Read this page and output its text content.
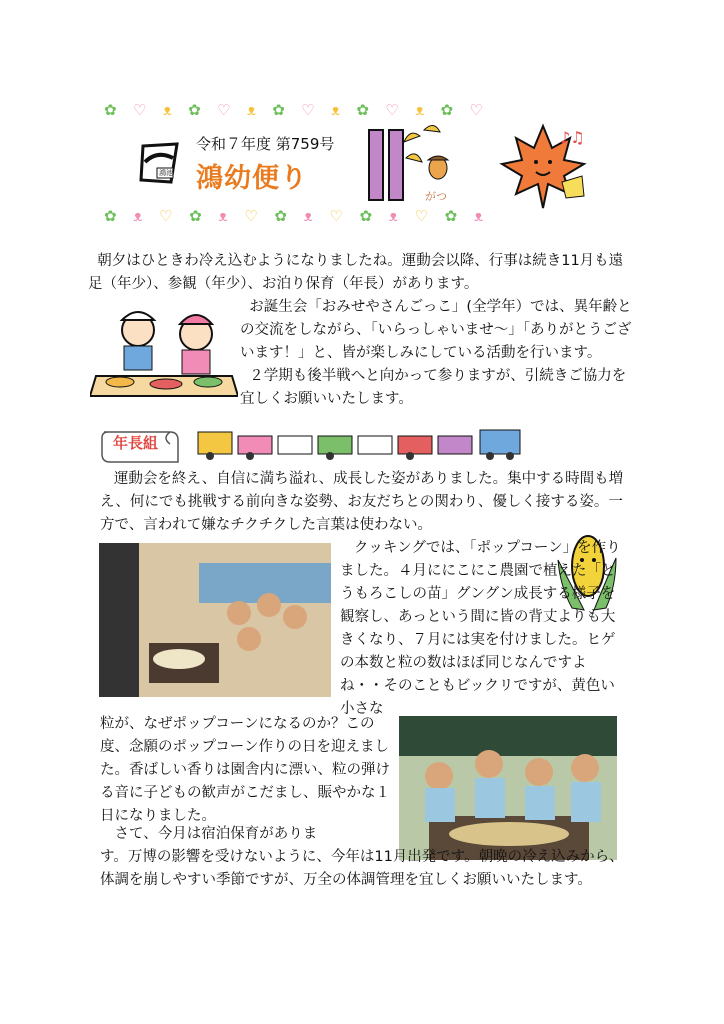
✿ ♡ ᴥ ✿ ♡ ᴥ ✿ ♡ ᴥ ✿ ♡ ᴥ ✿ ♡
✿ ᴥ ♡ ✿ ᴥ ♡ ✿ ᴥ ♡ ✿ ᴥ ♡ ✿ ᴥ
鴻池
令和７年度 第759号
鴻幼便り
がつ
♪♫
朝夕はひときわ冷え込むようになりましたね。運動会以降、行事は続き11月も遠足（年少）、参観（年少）、お泊り保育（年長）があります。
お誕生会「おみせやさんごっこ」(全学年）では、異年齢との交流をしながら、「いらっしゃいませ～」「ありがとうございます！」と、皆が楽しみにしている活動を行います。
２学期も後半戦へと向かって参りますが、引続きご協力を宜しくお願いいたします。
年長組
運動会を終え、自信に満ち溢れ、成長した姿がありました。集中する時間も増え、何にでも挑戦する前向きな姿勢、お友だちとの関わり、優しく接する姿。一方で、言われて嫌なチクチクした言葉は使わない。
クッキングでは、「ポップコーン」を作りました。４月ににこにこ農園で植えた「とうもろこしの苗」グングン成長する様子を観察し、あっという間に皆の背丈よりも大きくなり、７月には実を付けました。ヒゲの本数と粒の数はほぼ同じなんですよね・・そのこともビックリですが、黄色い小さな
粒が、なぜポップコーンになるのか？この度、念願のポップコーン作りの日を迎えました。香ばしい香りは園舎内に漂い、粒の弾ける音に子どもの歓声がこだまし、賑やかな１日になりました。
　さて、今月は宿泊保育がありま
す。万博の影響を受けないように、今年は11月出発です。朝晩の冷え込みから、体調を崩しやすい季節ですが、万全の体調管理を宜しくお願いいたします。
